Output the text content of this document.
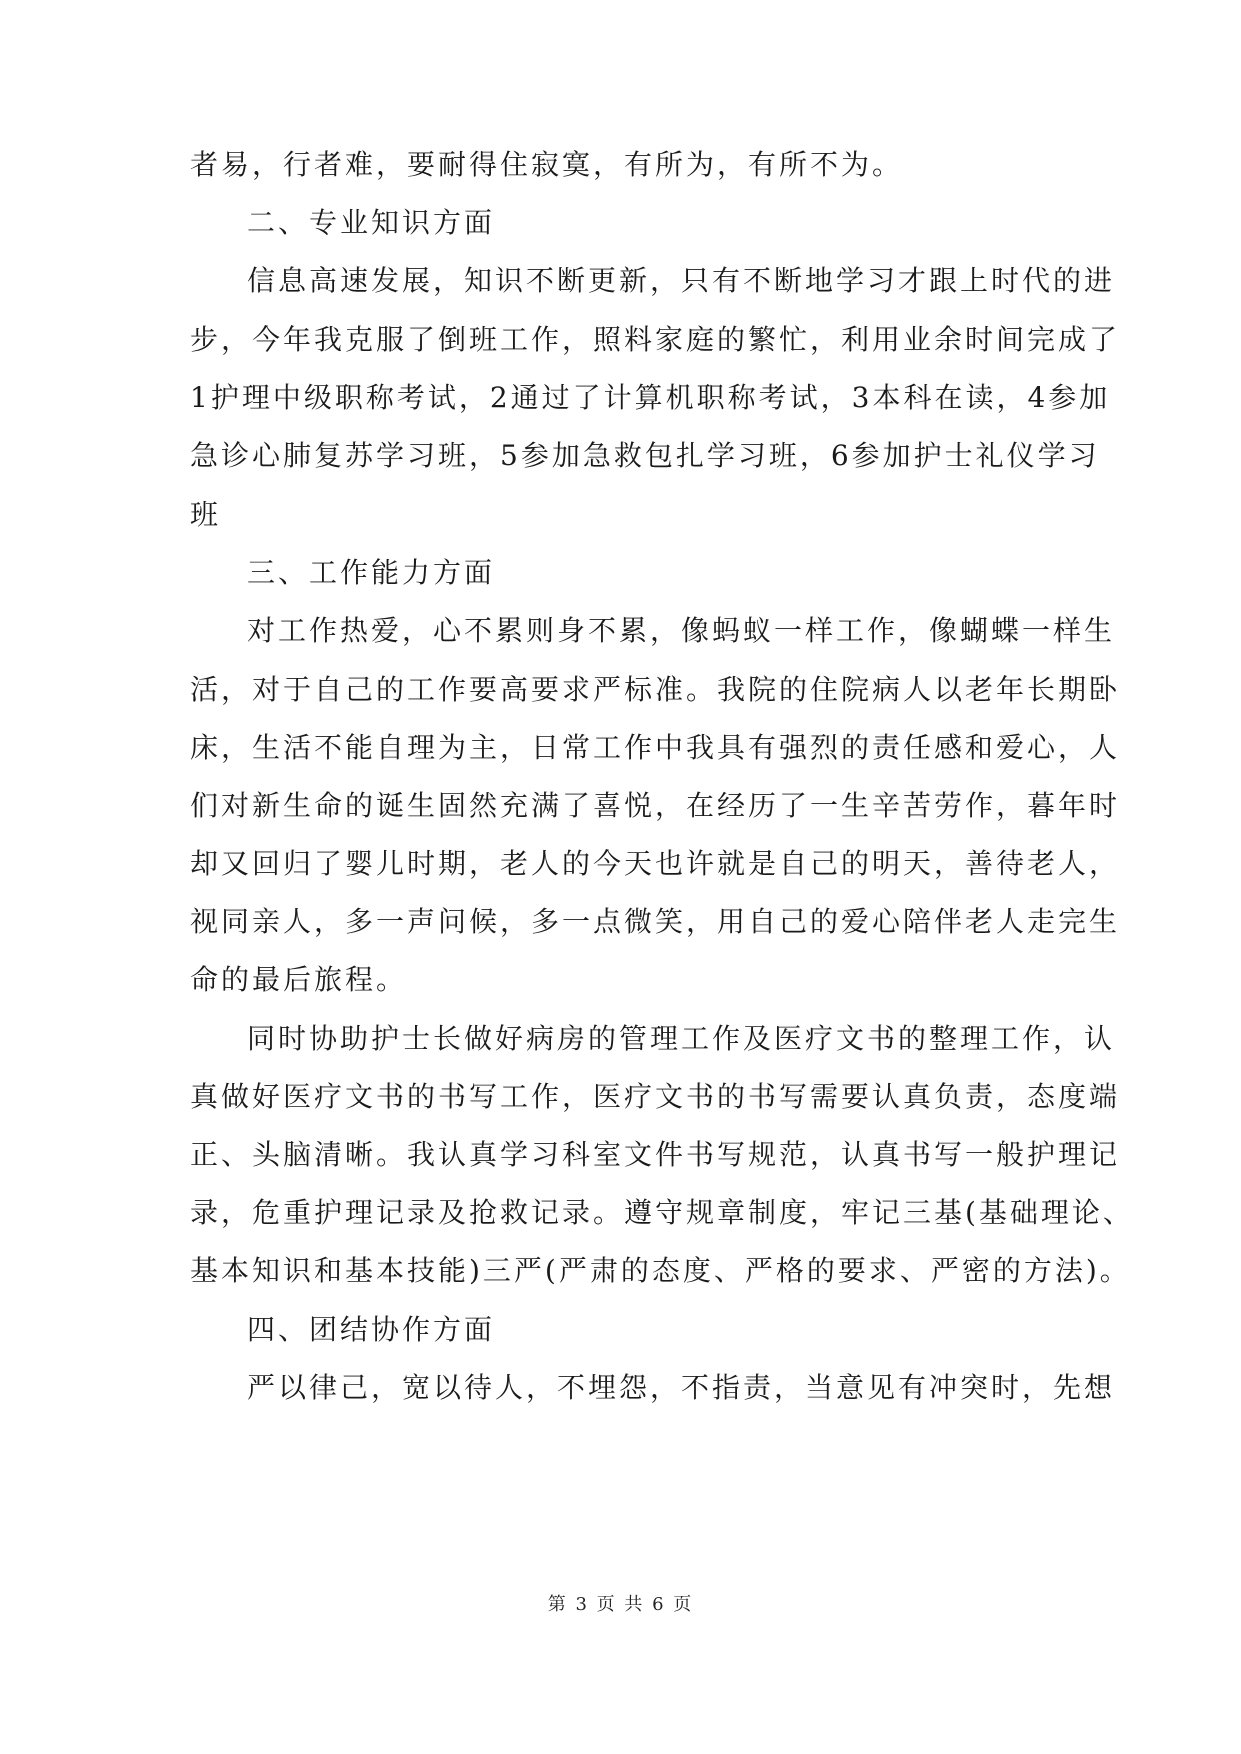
者易，行者难，要耐得住寂寞，有所为，有所不为。
二、专业知识方面
信息高速发展，知识不断更新，只有不断地学习才跟上时代的进
步，今年我克服了倒班工作，照料家庭的繁忙，利用业余时间完成了
1护理中级职称考试，2通过了计算机职称考试，3本科在读，4参加
急诊心肺复苏学习班，5参加急救包扎学习班，6参加护士礼仪学习
班
三、工作能力方面
对工作热爱，心不累则身不累，像蚂蚁一样工作，像蝴蝶一样生
活，对于自己的工作要高要求严标准。我院的住院病人以老年长期卧
床，生活不能自理为主，日常工作中我具有强烈的责任感和爱心，人
们对新生命的诞生固然充满了喜悦，在经历了一生辛苦劳作，暮年时
却又回归了婴儿时期，老人的今天也许就是自己的明天，善待老人，
视同亲人，多一声问候，多一点微笑，用自己的爱心陪伴老人走完生
命的最后旅程。
同时协助护士长做好病房的管理工作及医疗文书的整理工作，认
真做好医疗文书的书写工作，医疗文书的书写需要认真负责，态度端
正、头脑清晰。我认真学习科室文件书写规范，认真书写一般护理记
录，危重护理记录及抢救记录。遵守规章制度，牢记三基(基础理论、
基本知识和基本技能)三严(严肃的态度、严格的要求、严密的方法)。
四、团结协作方面
严以律己，宽以待人，不埋怨，不指责，当意见有冲突时，先想
第 3 页 共 6 页
